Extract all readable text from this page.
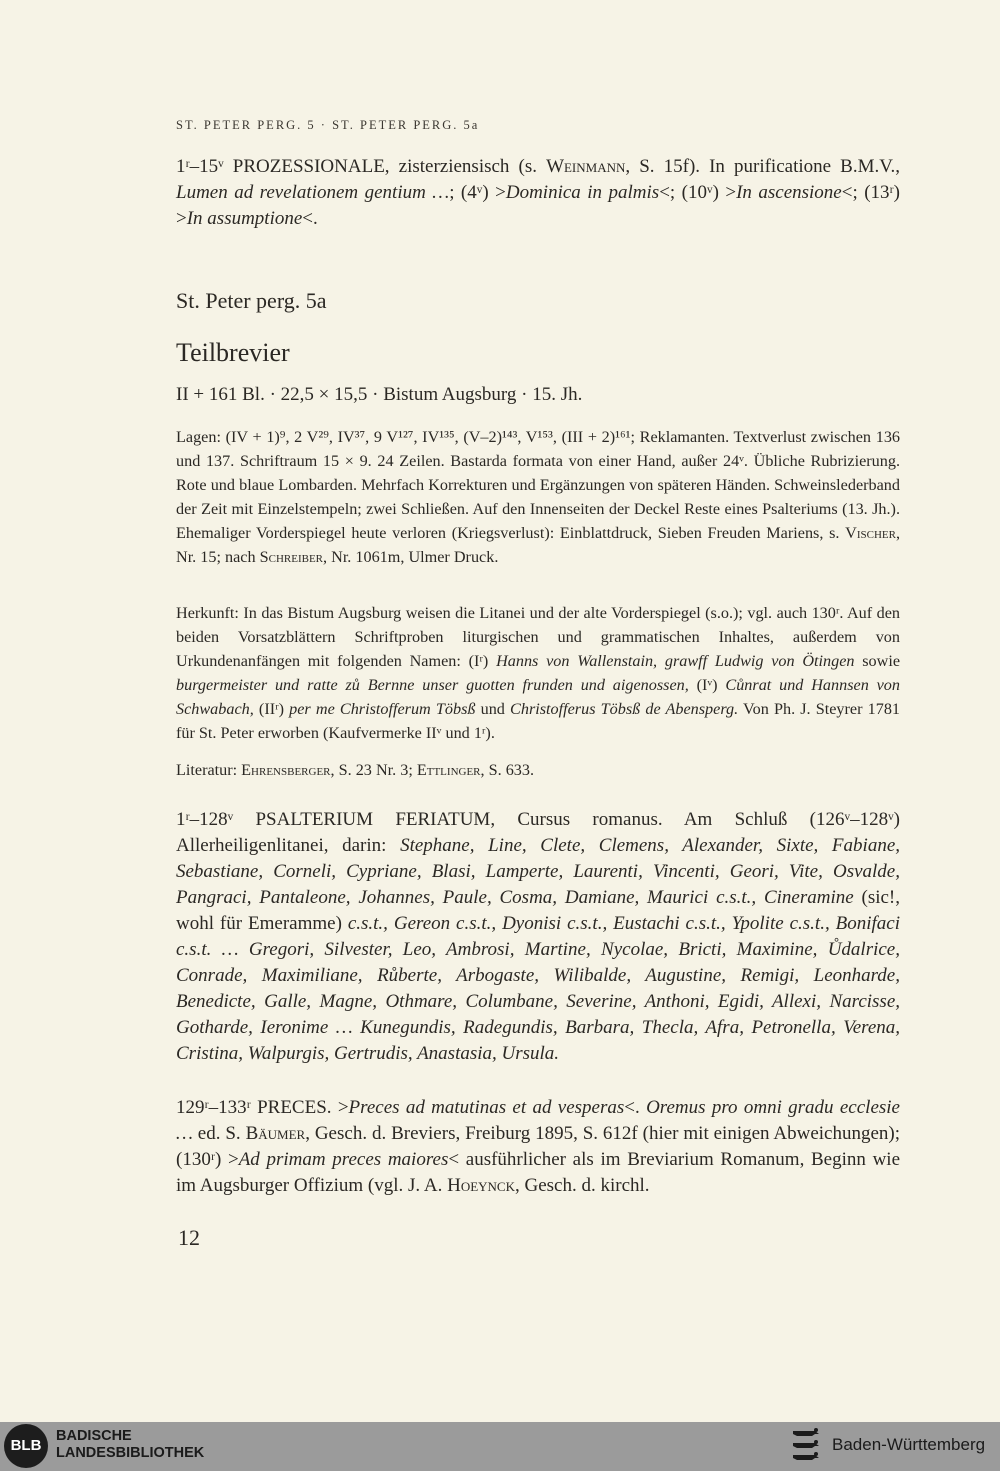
ST. PETER PERG. 5 · ST. PETER PERG. 5a

1ʳ–15ᵛ PROZESSIONALE, zisterziensisch (s. Weinmann, S. 15f). In purificatione B.M.V., Lumen ad revelationem gentium …; (4ᵛ) >Dominica in palmis<; (10ᵛ) >In ascensione<; (13ʳ) >In assumptione<.

St. Peter perg. 5a
Teilbrevier
II + 161 Bl. · 22,5 × 15,5 · Bistum Augsburg · 15. Jh.

Lagen: (IV + 1)⁹, 2 V²⁹, IV³⁷, 9 V¹²⁷, IV¹³⁵, (V–2)¹⁴³, V¹⁵³, (III + 2)¹⁶¹; Reklamanten. Textverlust zwischen 136 und 137. Schriftraum 15 × 9. 24 Zeilen. Bastarda formata von einer Hand, außer 24ᵛ. Übliche Rubrizierung. Rote und blaue Lombarden. Mehrfach Korrekturen und Ergänzungen von späteren Händen. Schweinslederband der Zeit mit Einzelstempeln; zwei Schließen. Auf den Innenseiten der Deckel Reste eines Psalteriums (13. Jh.). Ehemaliger Vorderspiegel heute verloren (Kriegsverlust): Einblattdruck, Sieben Freuden Mariens, s. Vischer, Nr. 15; nach Schreiber, Nr. 1061m, Ulmer Druck.

Herkunft: In das Bistum Augsburg weisen die Litanei und der alte Vorderspiegel (s.o.); vgl. auch 130ʳ. Auf den beiden Vorsatzblättern Schriftproben liturgischen und grammatischen Inhaltes, außerdem von Urkundenanfängen mit folgenden Namen: (Iʳ) Hanns von Wallenstain, grawff Ludwig von Ötingen sowie burgermeister und ratte zů Bernne unser guotten frunden und aigenossen, (Iᵛ) Cůnrat und Hannsen von Schwabach, (IIʳ) per me Christofferum Töbsß und Christofferus Töbsß de Abensperg. Von Ph. J. Steyrer 1781 für St. Peter erworben (Kaufvermerke IIᵛ und 1ʳ).

Literatur: Ehrensberger, S. 23 Nr. 3; Ettlinger, S. 633.

1ʳ–128ᵛ PSALTERIUM FERIATUM, Cursus romanus. Am Schluß (126ᵛ–128ᵛ) Allerheiligenlitanei, darin: Stephane, Line, Clete, Clemens, Alexander, Sixte, Fabiane, Sebastiane, Corneli, Cypriane, Blasi, Lamperte, Laurenti, Vincenti, Geori, Vite, Osvalde, Pangraci, Pantaleone, Johannes, Paule, Cosma, Damiane, Maurici c.s.t., Cineramine (sic!, wohl für Emeramme) c.s.t., Gereon c.s.t., Dyonisi c.s.t., Eustachi c.s.t., Ypolite c.s.t., Bonifaci c.s.t. … Gregori, Silvester, Leo, Ambrosi, Martine, Nycolae, Bricti, Maximine, Ůdalrice, Conrade, Maximiliane, Růberte, Arbogaste, Wilibalde, Augustine, Remigi, Leonharde, Benedicte, Galle, Magne, Othmare, Columbane, Severine, Anthoni, Egidi, Allexi, Narcisse, Gotharde, Ieronime … Kunegundis, Radegundis, Barbara, Thecla, Afra, Petronella, Verena, Cristina, Walpurgis, Gertrudis, Anastasia, Ursula.

129ʳ–133ʳ PRECES. >Preces ad matutinas et ad vesperas<. Oremus pro omni gradu ecclesie … ed. S. Bäumer, Gesch. d. Breviers, Freiburg 1895, S. 612f (hier mit einigen Abweichungen); (130ʳ) >Ad primam preces maiores< ausführlicher als im Breviarium Romanum, Beginn wie im Augsburger Offizium (vgl. J. A. Hoeynck, Gesch. d. kirchl.

12
BLB
BADISCHE
LANDESBIBLIOTHEK	Baden-Württemberg
